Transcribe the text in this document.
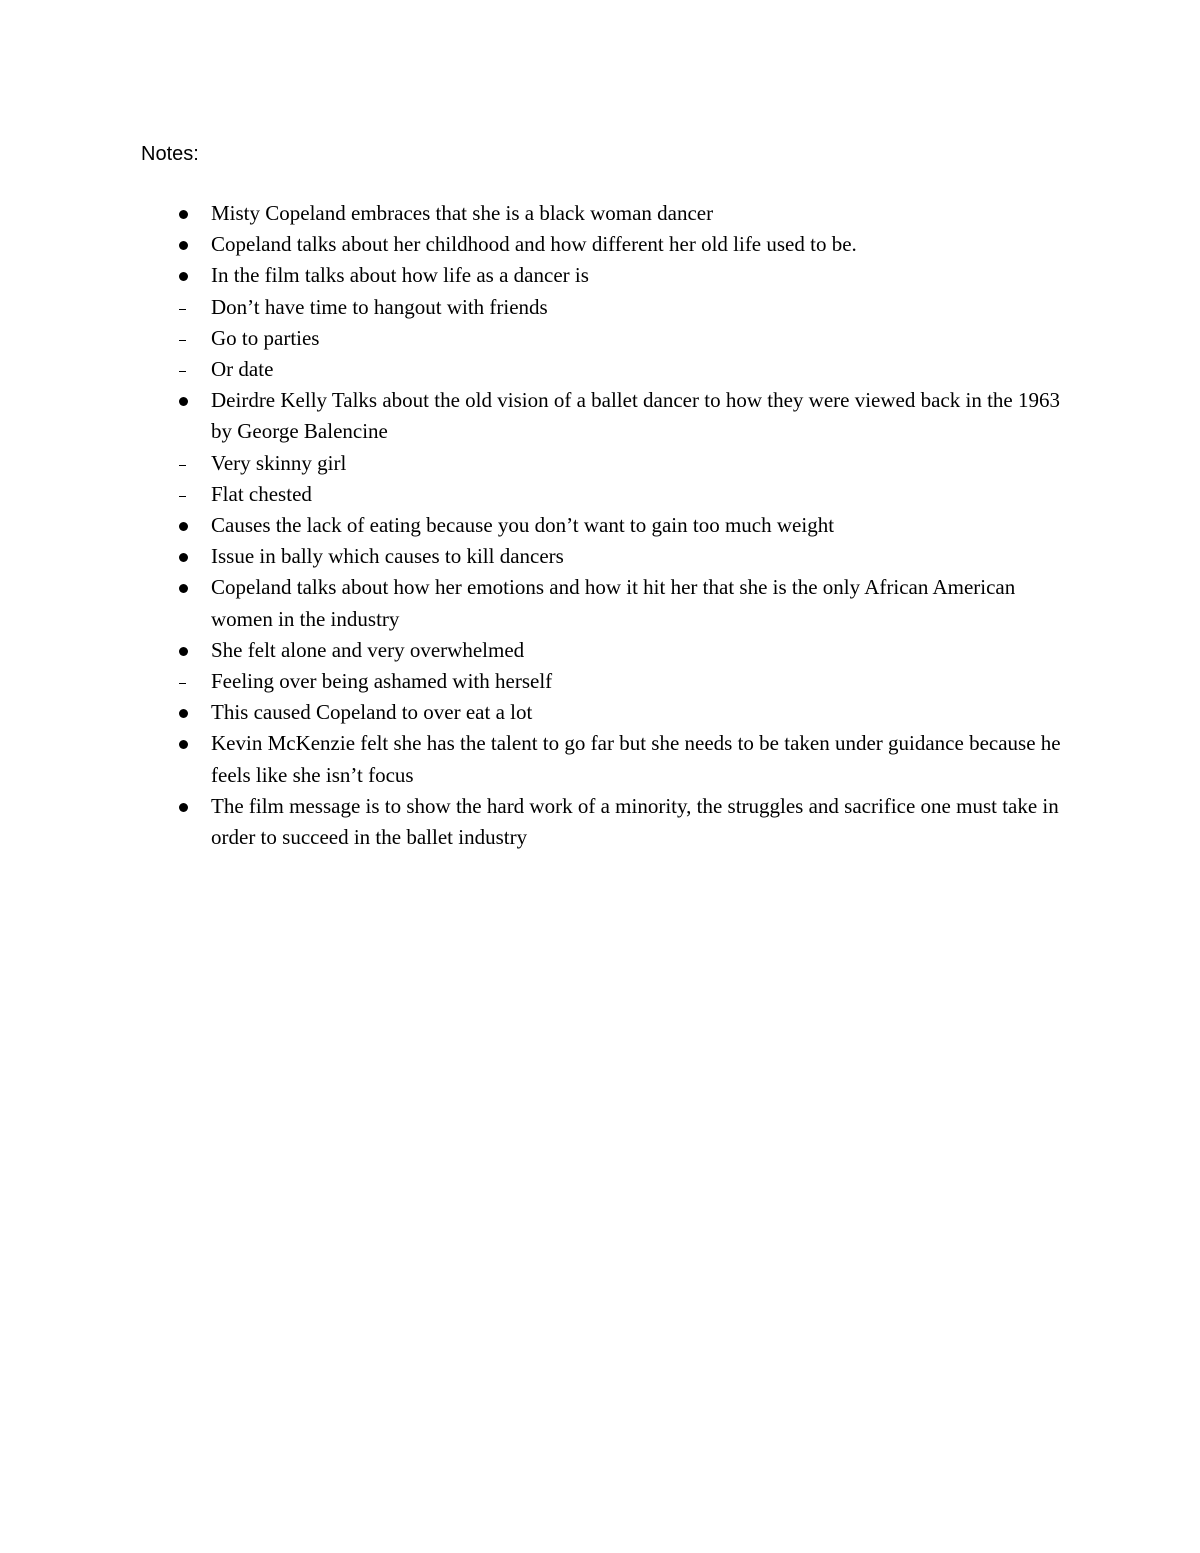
Notes:

Misty Copeland embraces that she is a black woman dancer
Copeland talks about her childhood and how different her old life used to be.
In the film talks about how life as a dancer is
Don’t have time to hangout with friends
Go to parties
Or date
Deirdre Kelly Talks about the old vision of a ballet dancer to how they were viewed back in the 1963 by George Balencine
Very skinny girl
Flat chested
Causes the lack of eating because you don’t want to gain too much weight
Issue in bally which causes to kill dancers
Copeland talks about how her emotions and how it hit her that she is the only African American women in the industry
She felt alone and very overwhelmed
Feeling over being ashamed with herself
This caused Copeland to over eat a lot
Kevin McKenzie felt she has the talent to go far but she needs to be taken under guidance because he feels like she isn’t focus
The film message is to show the hard work of a minority, the struggles and sacrifice one must take in order to succeed in the ballet industry
